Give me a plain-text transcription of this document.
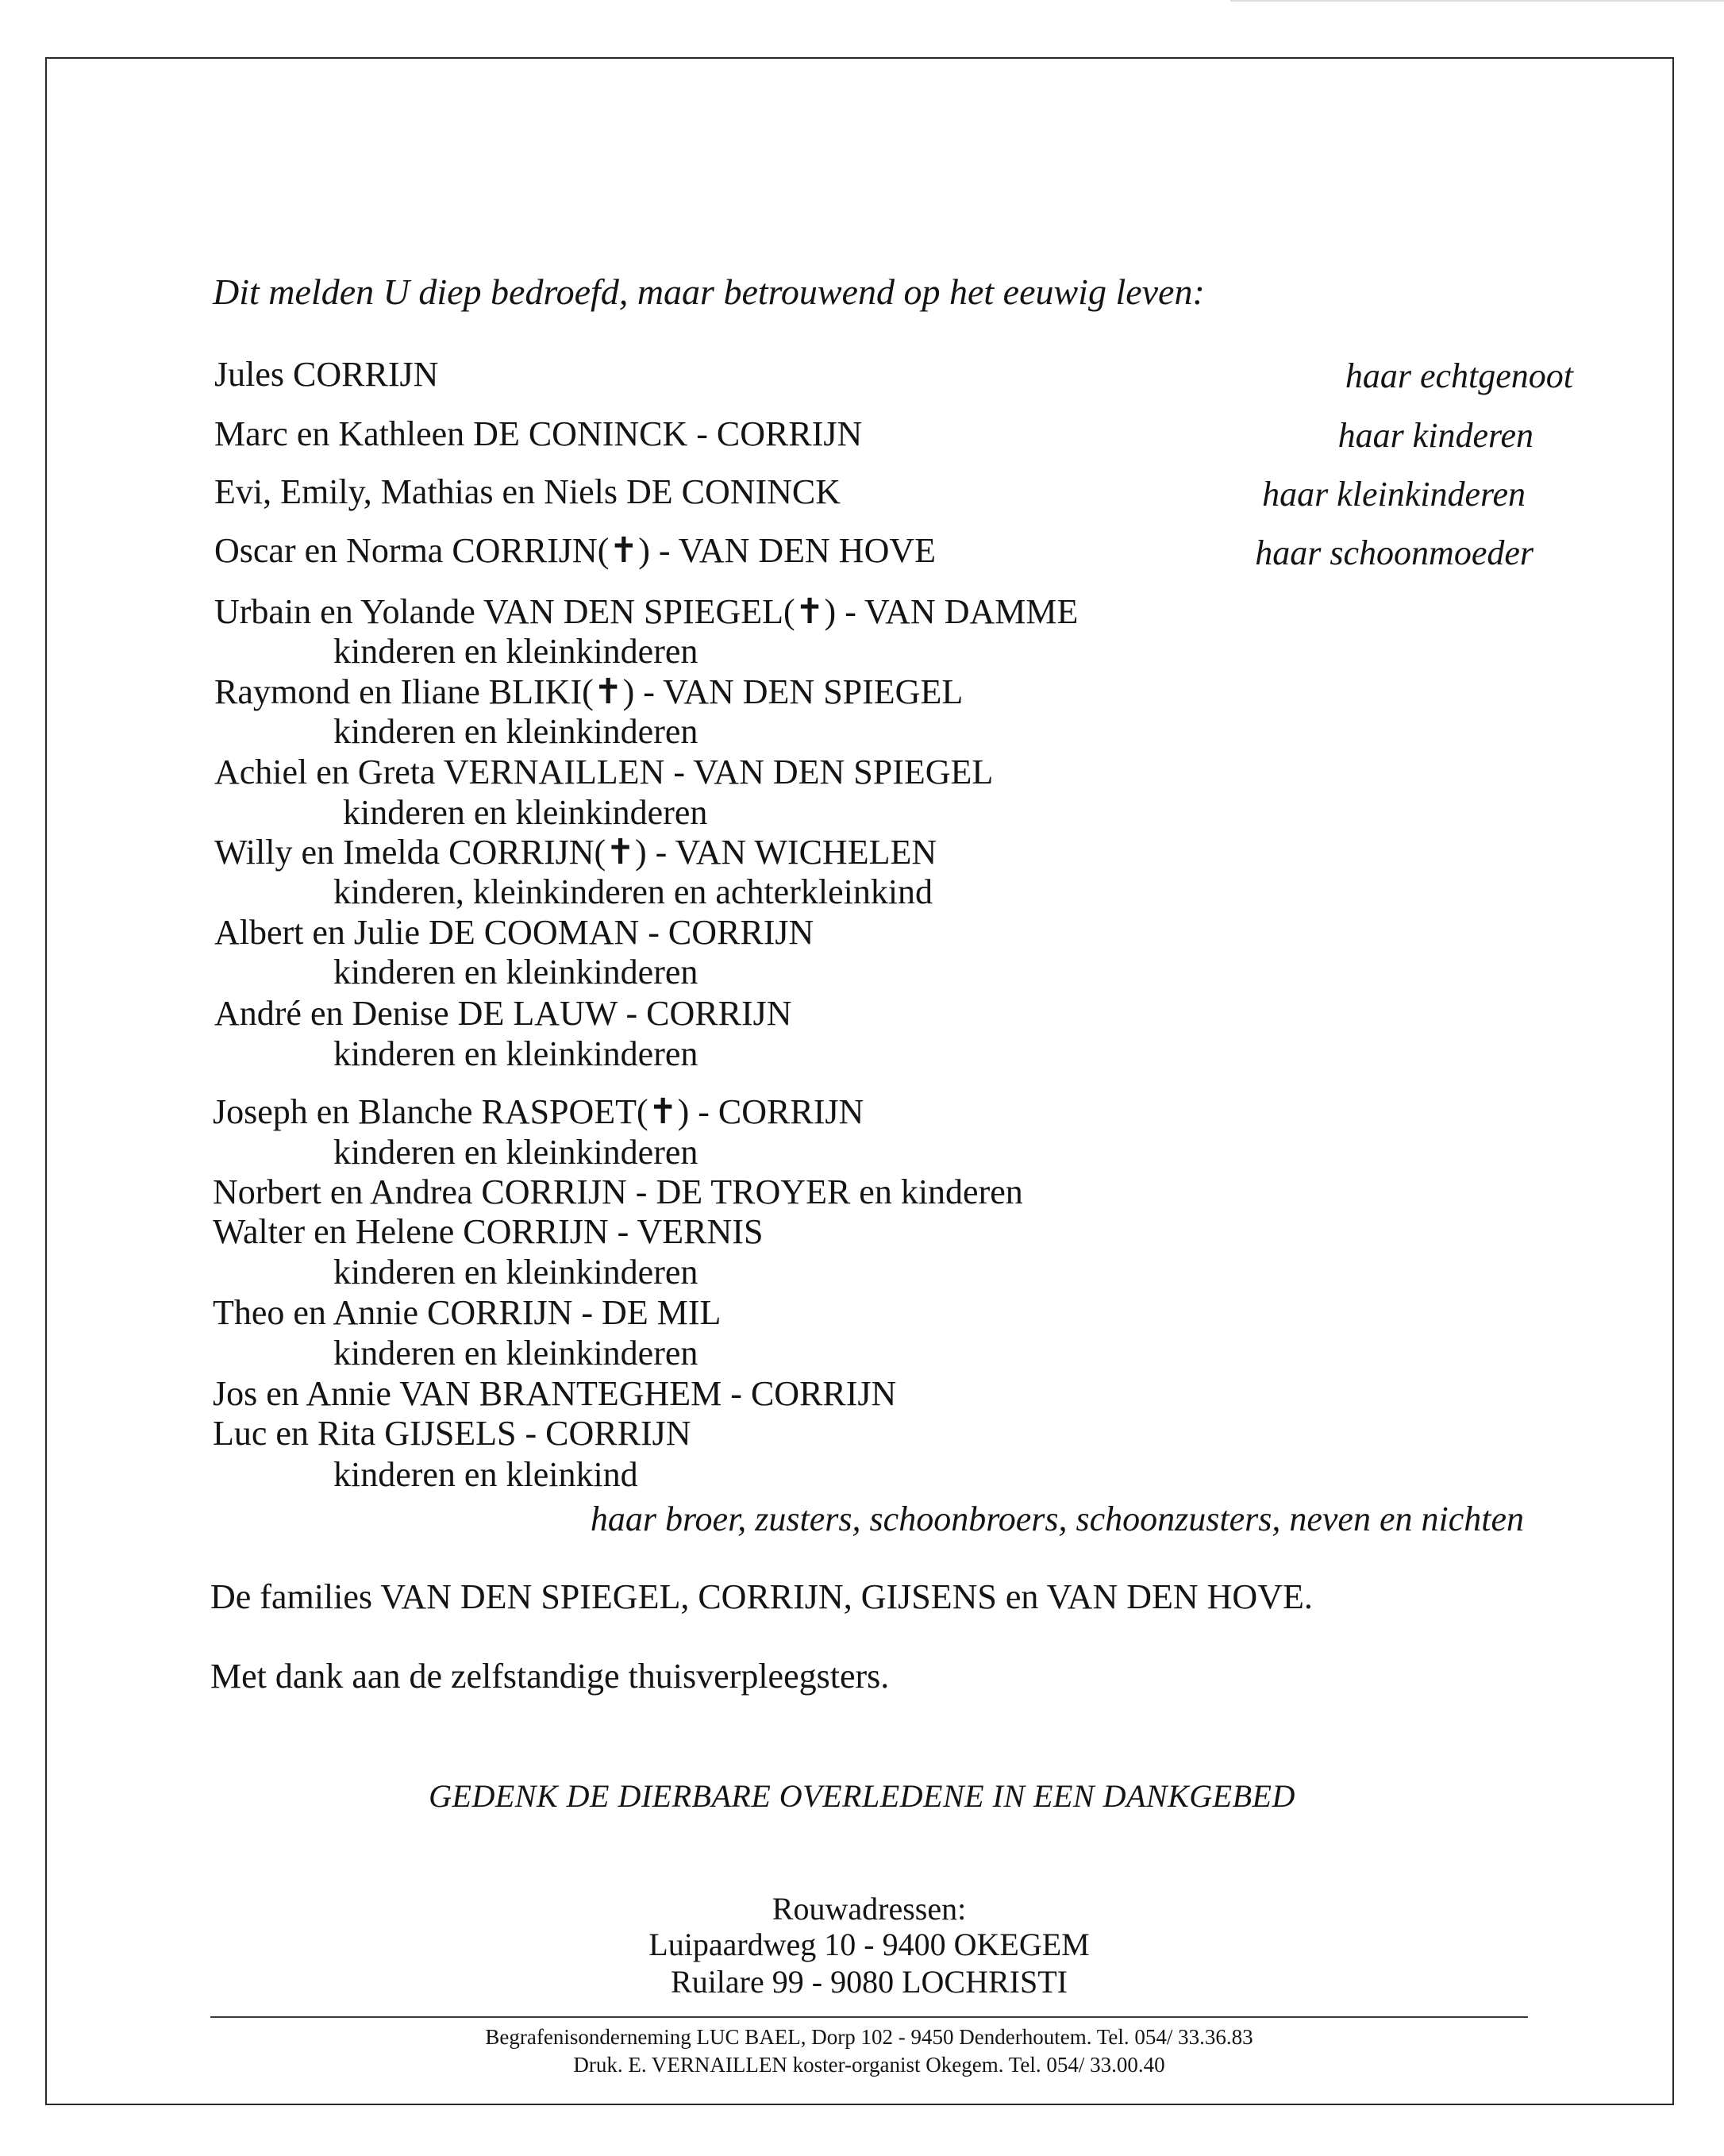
Dit melden U diep bedroefd, maar betrouwend op het eeuwig leven:
Jules CORRIJN
Marc en Kathleen DE CONINCK - CORRIJN
Evi, Emily, Mathias en Niels DE CONINCK
Oscar en Norma CORRIJN(✝) - VAN DEN HOVE
Urbain en Yolande VAN DEN SPIEGEL(✝) - VAN DAMME
kinderen en kleinkinderen
Raymond en Iliane BLIKI(✝) - VAN DEN SPIEGEL
kinderen en kleinkinderen
Achiel en Greta VERNAILLEN - VAN DEN SPIEGEL
kinderen en kleinkinderen
Willy en Imelda CORRIJN(✝) - VAN WICHELEN
kinderen, kleinkinderen en achterkleinkind
Albert en Julie DE COOMAN - CORRIJN
kinderen en kleinkinderen
André en Denise DE LAUW - CORRIJN
kinderen en kleinkinderen
Joseph en Blanche RASPOET(✝) - CORRIJN
kinderen en kleinkinderen
Norbert en Andrea CORRIJN - DE TROYER en kinderen
Walter en Helene CORRIJN - VERNIS
kinderen en kleinkinderen
Theo en Annie CORRIJN - DE MIL
kinderen en kleinkinderen
Jos en Annie VAN BRANTEGHEM - CORRIJN
Luc en Rita GIJSELS - CORRIJN
kinderen en kleinkind
haar echtgenoot
haar kinderen
haar kleinkinderen
haar schoonmoeder
haar broer, zusters, schoonbroers, schoonzusters, neven en nichten
De families VAN DEN SPIEGEL, CORRIJN, GIJSENS en VAN DEN HOVE.
Met dank aan de zelfstandige thuisverpleegsters.
GEDENK DE DIERBARE OVERLEDENE IN EEN DANKGEBED
Rouwadressen:
Luipaardweg 10 - 9400 OKEGEM
Ruilare 99 - 9080 LOCHRISTI
Begrafenisonderneming LUC BAEL, Dorp 102 - 9450 Denderhoutem. Tel. 054/ 33.36.83
Druk. E. VERNAILLEN koster-organist Okegem. Tel. 054/ 33.00.40
